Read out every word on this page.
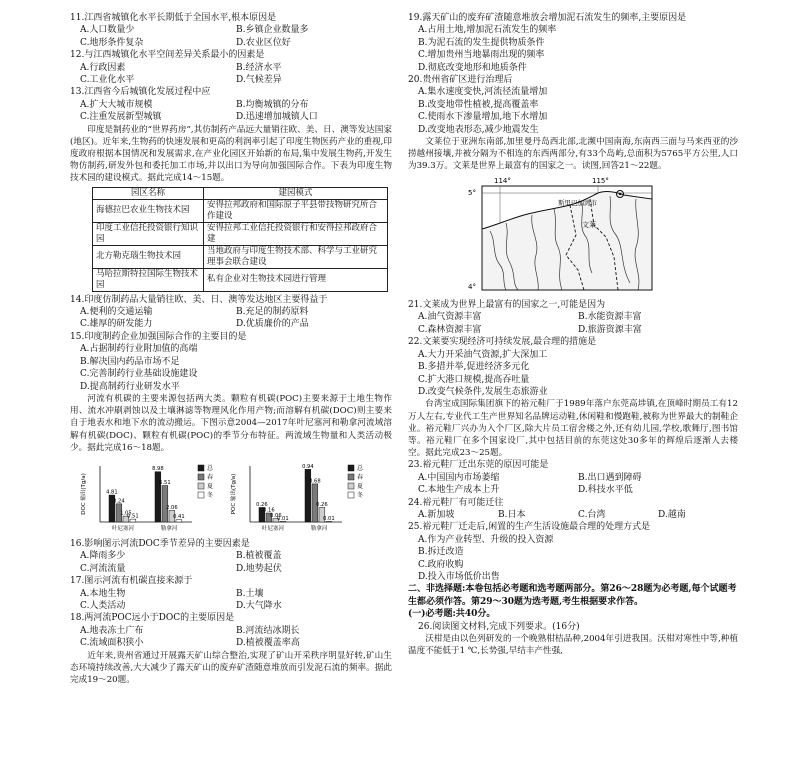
11.江西省城镇化水平长期低于全国水平,根本原因是

A.人口数量少	B.乡镇企业数量多
C.地形条件复杂	D.农业区位好

12.与江西城镇化水平空间差异关系最小的因素是

A.行政因素	B.经济水平
C.工业化水平	D.气候差异

13.江西省今后城镇化发展过程中应

A.扩大大城市规模	B.均衡城镇的分布
C.注重发展新型城镇	D.迅速增加城镇人口

印度是制药业的“世界药房”,其仿制药产品远大量销往欧、美、日、澳等发达国家(地区)。近年来,生物药的快速发展和更高的利润率引起了印度生物医药产业的重视,印度政府根据本国情况和发展需求,在产业化园区开始新的布局,集中发展生物药,开发生物仿制药,研发外包和委托加工市场,并以出口为导向加强国际合作。下表为印度生物技术园的建设模式。据此完成14～15题。

园区名称	建园模式
海德拉巴农业生物技术园	安得拉邦政府和国际原子平县带技物研究所合作建设
印度工业信托投资银行知识园	安得拉邦工业信托投资银行和安得拉邦政府合建
北方勒克瑙生物技术园	当地政府与印度生物技术部、科学与工业研究理事会联合建设
马哈拉斯特拉国际生物技术园	私有企业对生物技术园进行管理

14.印度仿制药品大量销往欧、美、日、澳等发达地区主要得益于

A.便利的交通运输	B.充足的制药原料
C.雄厚的研发能力	D.优质廉价的产品

15.印度制药企业加强国际合作的主要目的是

A.占据制药行业附加值的高端
B.解决国内药品市场不足
C.完善制药行业基础设施建设
D.提高制药行业研发水平

河流有机碳的主要来源包括两大类。颗粒有机碳(POC)主要来源于土地生物作用、流水冲刷剥蚀以及土壤淋滤等物理风化作用产物;而溶解有机碳(DOC)则主要来自于地表水和地下水的流动搬运。下图示意2004—2017年叶尼塞河和勒拿河流域溶解有机碳(DOC)、颗粒有机碳(POC)的季节分布特征。两流域生物量和人类活动极少。据此完成16～18题。

DOC 输出(Tg/a)	4.81
3.24
1.05
0.51
叶尼塞河
8.98
6.51
2.06
0.41
勒拿河
总
春
夏
冬	POC 输出(Tg/a)	0.26
0.16
0.06
0.01
叶尼塞河
0.94
0.68
0.26
0.01
勒拿河
总
春
夏
冬

16.影响图示河流DOC季节差异的主要因素是

A.降雨多少	B.植被覆盖
C.河流流量	D.地势起伏

17.图示河流有机碳直接来源于

A.本地生物	B.土壤
C.人类活动	D.大气降水

18.两河流POC远小于DOC的主要原因是

A.地表冻土广布	B.河流结冰期长
C.流域面积狭小	D.植被覆盖率高

近年来,贵州省通过开展露天矿山综合整治,实现了矿山开采秩序明显好转,矿山生态环境持续改善,大大减少了露天矿山的废弃矿渣随意堆放而引发泥石流的频率。据此完成19～20题。

19.露天矿山的废弃矿渣随意堆放会增加泥石流发生的频率,主要原因是

A.占用土地,增加泥石流发生的频率
B.为泥石流的发生提供物质条件
C.增加贵州当地暴雨出现的频率
D.彻底改变地形和地质条件

20.贵州省矿区进行治理后

A.集水速度变快,河流径流量增加
B.改变地带性植被,提高覆盖率
C.使雨水下渗量增加,地下水增加
D.改变地表形态,减少地震发生

文莱位于亚洲东南部,加里曼丹岛西北部,北濒中国南海,东南西三面与马来西亚的沙捞越州接壤,并被分隔为不相连的东西两部分,有33个岛屿,总面积为5765平方公里,人口为39.3万。文莱是世界上最富有的国家之一。读图,回答21～22题。

114°	115°
5°
4°
斯里巴加湾市
文莱

21.文莱成为世界上最富有的国家之一,可能是因为

A.油气资源丰富	B.水能资源丰富
C.森林资源丰富	D.旅游资源丰富

22.文莱要实现经济可持续发展,最合理的措施是

A.大力开采油气资源,扩大深加工
B.多措并举,促进经济多元化
C.扩大港口规模,提高吞吐量
D.改变气候条件,发展生态旅游业

台湾宝成国际集团旗下的裕元鞋厂于1989年落户东莞高埗镇,在顶峰时期员工有12万人左右,专业代工生产世界知名品牌运动鞋,休闲鞋和慢跑鞋,被称为世界最大的制鞋企业。裕元鞋厂兴办为入个厂区,除大片员工宿舍楼之外,还有幼儿园,学校,歌舞厅,图书馆等。裕元鞋厂在多个国家设厂,其中包括目前的东莞这处30多年的辉煌后逐渐人去楼空。据此完成23～25题。

23.裕元鞋厂迁出东莞的原因可能是

A.中国国内市场萎缩	B.出口遇到障碍
C.本地生产成本上升	D.科技水平低

24.裕元鞋厂有可能迁往

A.新加坡	B.日本	C.台湾	D.越南

25.裕元鞋厂迁走后,闲置的生产生活设施最合理的处理方式是

A.作为产业转型、升级的投入资源
B.拆迁改造
C.政府收购
D.投入市场低价出售

二、非选择题:本卷包括必考题和选考题两部分。第26～28题为必考题,每个试题考生都必须作答。第29～30题为选考题,考生根据要求作答。

(一)必考题:共40分。

26.阅读图文材料,完成下列要求。(16分)

沃柑是由以色列研发的一个晚熟柑桔品种,2004年引进我国。沃柑对寒性中等,种植温度不能低于1 ℃,长势强,早结丰产性强,
